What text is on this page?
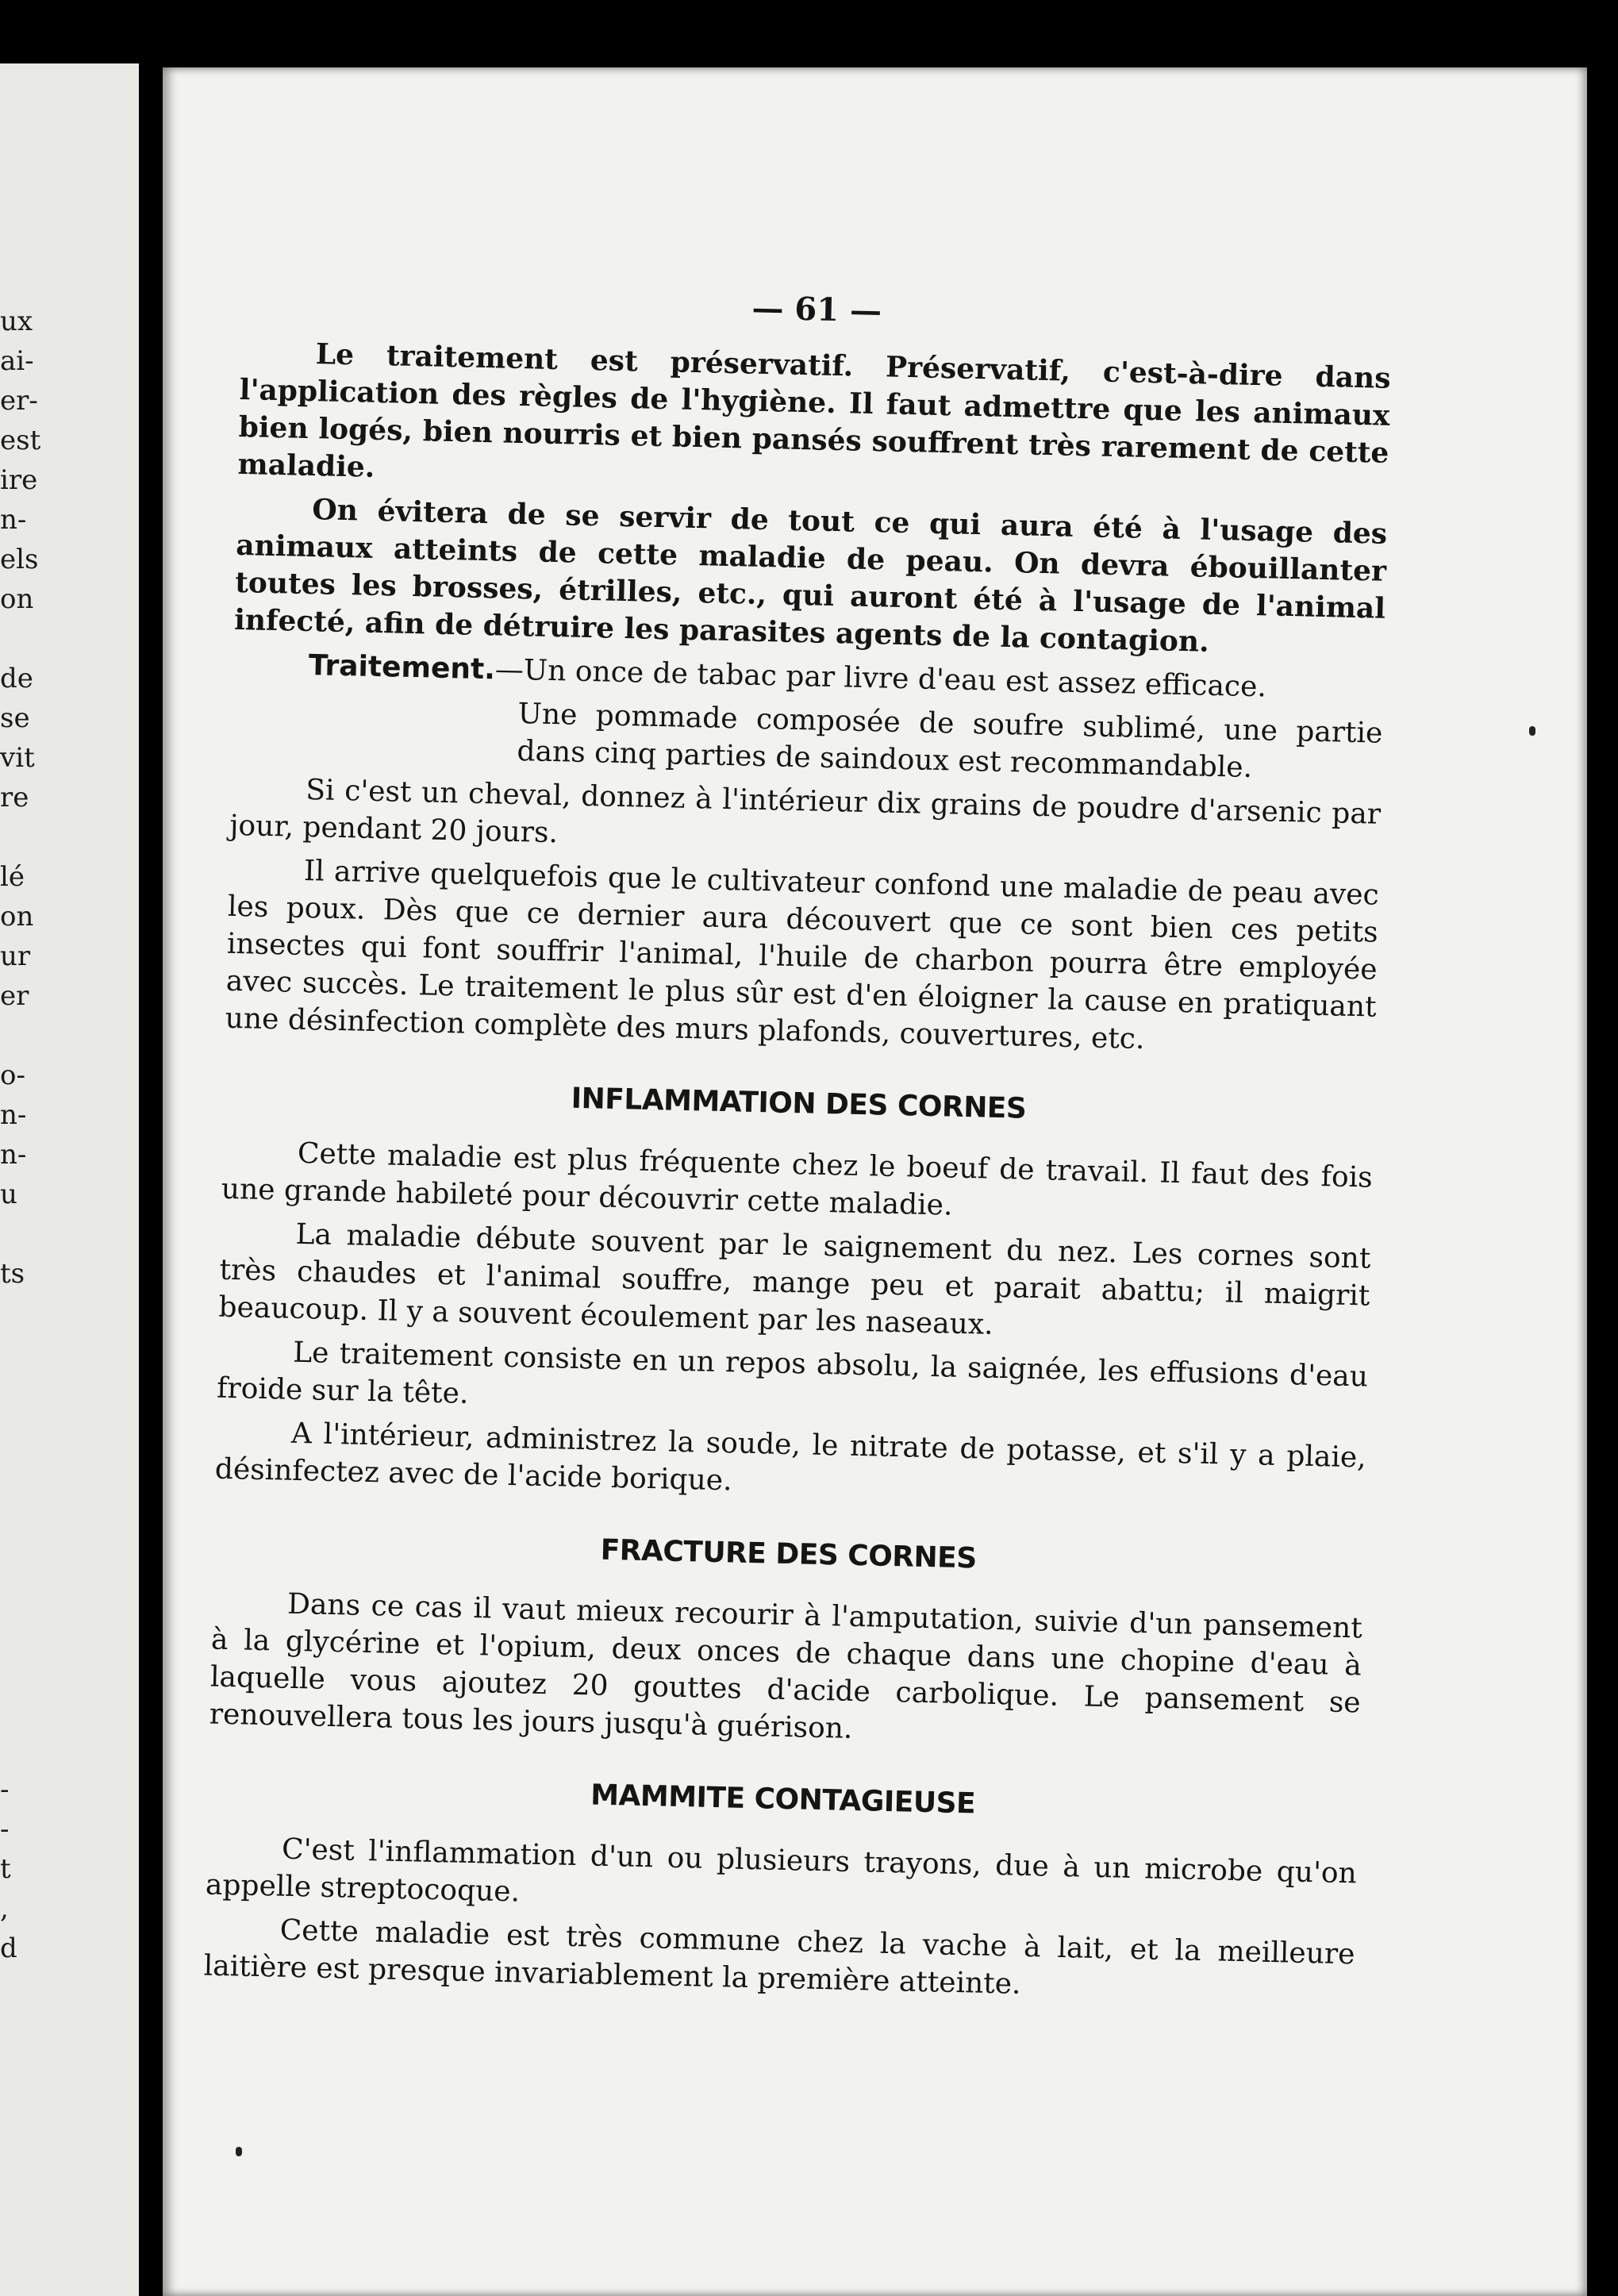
ux
ai-
er-
est
ire
n-
els
on
de
se
vit
re
lé
on
ur
er
o-
n-
n-
u
ts
-
-
t
,
d
— 61 —

Le traitement est préservatif. Préservatif, c'est-à-dire dans l'application des règles de l'hygiène. Il faut admettre que les animaux bien logés, bien nourris et bien pansés souffrent très rarement de cette maladie.

On évitera de se servir de tout ce qui aura été à l'usage des animaux atteints de cette maladie de peau. On devra ébouillanter toutes les brosses, étrilles, etc., qui auront été à l'usage de l'animal infecté, afin de détruire les parasites agents de la contagion.

Traitement.—Un once de tabac par livre d'eau est assez efficace.

Une pommade composée de soufre sublimé, une partie dans cinq parties de saindoux est recommandable.

Si c'est un cheval, donnez à l'intérieur dix grains de poudre d'arsenic par jour, pendant 20 jours.

Il arrive quelquefois que le cultivateur confond une maladie de peau avec les poux. Dès que ce dernier aura découvert que ce sont bien ces petits insectes qui font souffrir l'animal, l'huile de charbon pourra être employée avec succès. Le traitement le plus sûr est d'en éloigner la cause en pratiquant une désinfection complète des murs plafonds, couvertures, etc.

INFLAMMATION DES CORNES

Cette maladie est plus fréquente chez le boeuf de travail. Il faut des fois une grande habileté pour découvrir cette maladie.

La maladie débute souvent par le saignement du nez. Les cornes sont très chaudes et l'animal souffre, mange peu et parait abattu; il maigrit beaucoup. Il y a souvent écoulement par les naseaux.

Le traitement consiste en un repos absolu, la saignée, les effusions d'eau froide sur la tête.

A l'intérieur, administrez la soude, le nitrate de potasse, et s'il y a plaie, désinfectez avec de l'acide borique.

FRACTURE DES CORNES

Dans ce cas il vaut mieux recourir à l'amputation, suivie d'un pansement à la glycérine et l'opium, deux onces de chaque dans une chopine d'eau à laquelle vous ajoutez 20 gouttes d'acide carbolique. Le pansement se renouvellera tous les jours jusqu'à guérison.

MAMMITE CONTAGIEUSE

C'est l'inflammation d'un ou plusieurs trayons, due à un microbe qu'on appelle streptocoque.

Cette maladie est très commune chez la vache à lait, et la meilleure laitière est presque invariablement la première atteinte.
